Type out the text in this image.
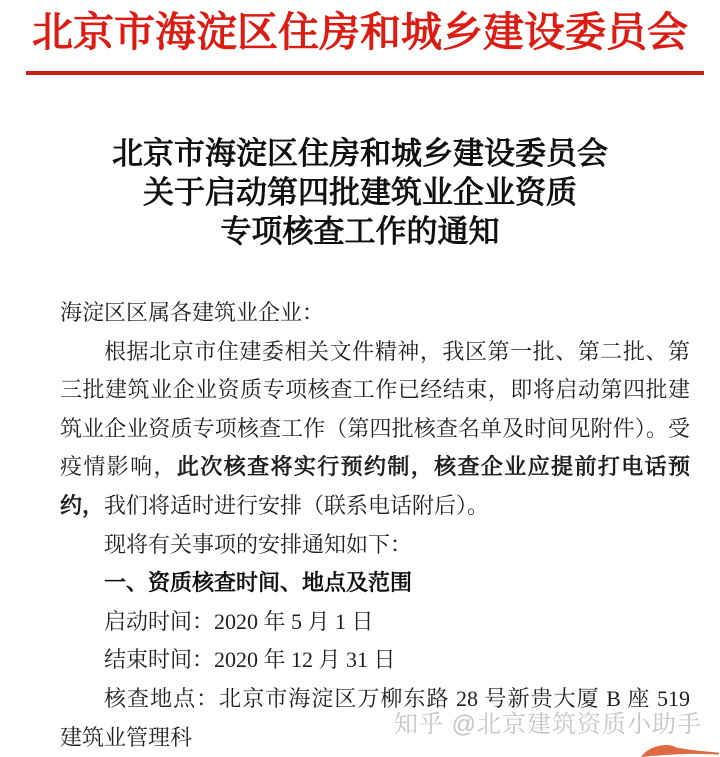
北京市海淀区住房和城乡建设委员会
北京市海淀区住房和城乡建设委员会
关于启动第四批建筑业企业资质
专项核查工作的通知

海淀区区属各建筑业企业：

根据北京市住建委相关文件精神，我区第一批、第二批、第三批建筑业企业资质专项核查工作已经结束，即将启动第四批建筑业企业资质专项核查工作（第四批核查名单及时间见附件）。受疫情影响，此次核查将实行预约制，核查企业应提前打电话预约，我们将适时进行安排（联系电话附后）。

现将有关事项的安排通知如下：

一、资质核查时间、地点及范围

启动时间：2020 年 5 月 1 日

结束时间：2020 年 12 月 31 日

核查地点：北京市海淀区万柳东路 28 号新贵大厦 B 座 519 建筑业管理科	知乎 @北京建筑资质小助手
